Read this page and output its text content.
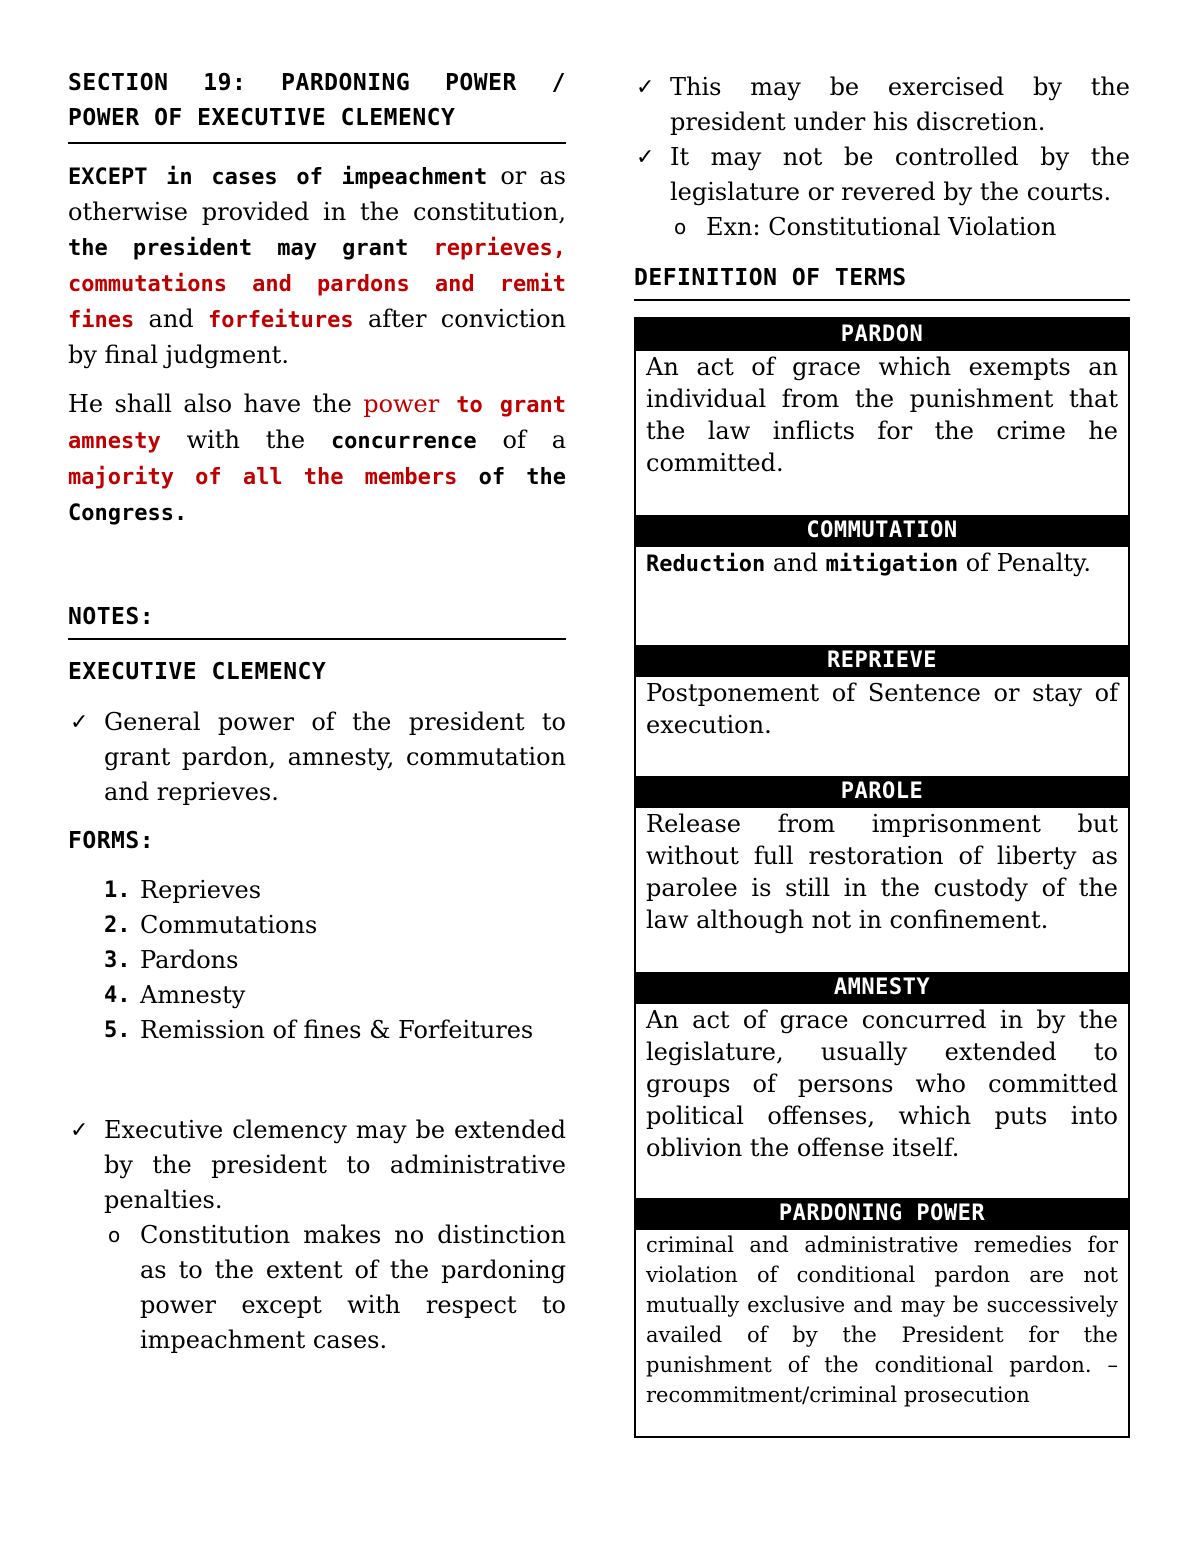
SECTION 19: PARDONING POWER / POWER OF EXECUTIVE CLEMENCY

EXCEPT in cases of impeachment or as otherwise provided in the constitution, the president may grant reprieves, commutations and pardons and remit fines and forfeitures after conviction by final judgment.

He shall also have the power to grant amnesty with the concurrence of a majority of all the members of the Congress.

NOTES:

EXECUTIVE CLEMENCY

✓ General power of the president to grant pardon, amnesty, commutation and reprieves.

FORMS:

1. Reprieves
2. Commutations
3. Pardons
4. Amnesty
5. Remission of fines & Forfeitures
✓ Executive clemency may be extended by the president to administrative penalties.
o Constitution makes no distinction as to the extent of the pardoning power except with respect to impeachment cases.
✓ This may be exercised by the president under his discretion.
✓ It may not be controlled by the legislature or revered by the courts.
o Exn: Constitutional Violation

DEFINITION OF TERMS

PARDON
An act of grace which exempts an individual from the punishment that the law inflicts for the crime he committed.
COMMUTATION
Reduction and mitigation of Penalty.
REPRIEVE
Postponement of Sentence or stay of execution.
PAROLE
Release from imprisonment but without full restoration of liberty as parolee is still in the custody of the law although not in confinement.
AMNESTY
An act of grace concurred in by the legislature, usually extended to groups of persons who committed political offenses, which puts into oblivion the offense itself.
PARDONING POWER
criminal and administrative remedies for violation of conditional pardon are not mutually exclusive and may be successively availed of by the President for the punishment of the conditional pardon. – recommitment/criminal prosecution
